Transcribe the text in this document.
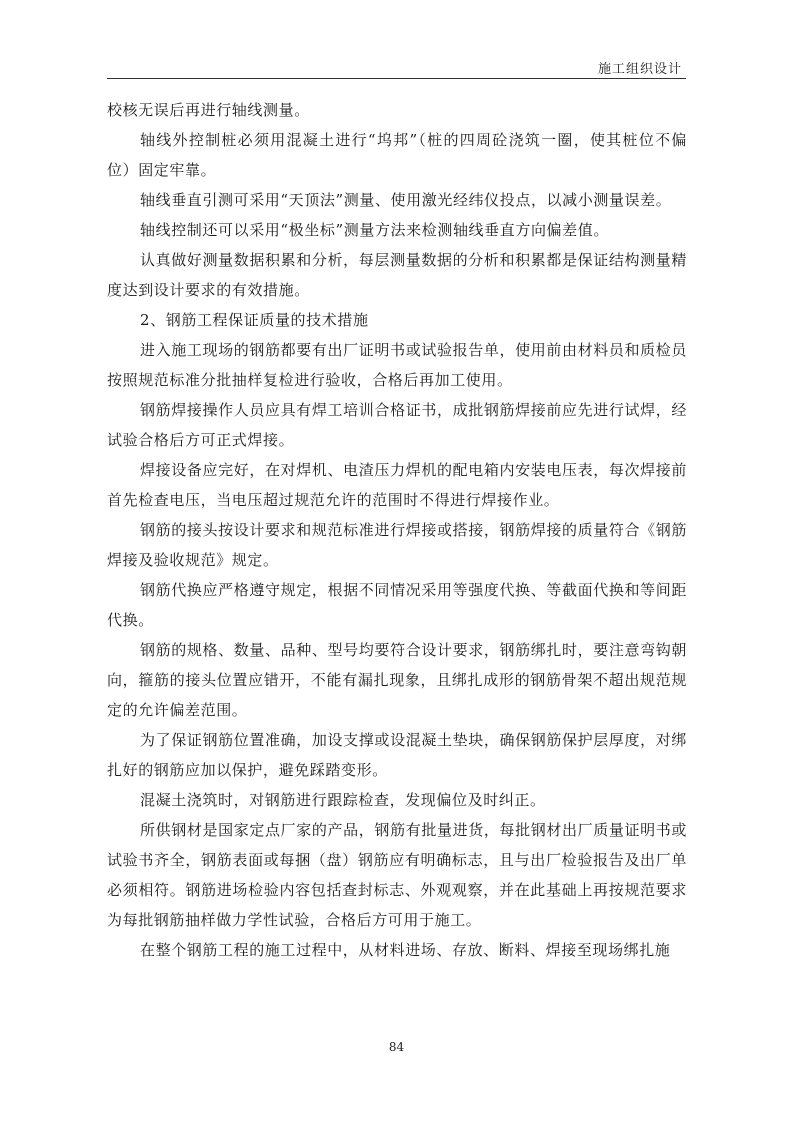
施工组织设计

校核无误后再进行轴线测量。

轴线外控制桩必须用混凝土进行“坞邦”（桩的四周砼浇筑一圈，使其桩位不偏位）固定牢靠。

轴线垂直引测可采用“天顶法”测量、使用激光经纬仪投点，以减小测量误差。

轴线控制还可以采用“极坐标”测量方法来检测轴线垂直方向偏差值。

认真做好测量数据积累和分析，每层测量数据的分析和积累都是保证结构测量精度达到设计要求的有效措施。

2、钢筋工程保证质量的技术措施

进入施工现场的钢筋都要有出厂证明书或试验报告单，使用前由材料员和质检员按照规范标准分批抽样复检进行验收，合格后再加工使用。

钢筋焊接操作人员应具有焊工培训合格证书，成批钢筋焊接前应先进行试焊，经试验合格后方可正式焊接。

焊接设备应完好，在对焊机、电渣压力焊机的配电箱内安装电压表，每次焊接前首先检查电压，当电压超过规范允许的范围时不得进行焊接作业。

钢筋的接头按设计要求和规范标准进行焊接或搭接，钢筋焊接的质量符合《钢筋焊接及验收规范》规定。

钢筋代换应严格遵守规定，根据不同情况采用等强度代换、等截面代换和等间距代换。

钢筋的规格、数量、品种、型号均要符合设计要求，钢筋绑扎时，要注意弯钩朝向，箍筋的接头位置应错开，不能有漏扎现象，且绑扎成形的钢筋骨架不超出规范规定的允许偏差范围。

为了保证钢筋位置准确，加设支撑或设混凝土垫块，确保钢筋保护层厚度，对绑扎好的钢筋应加以保护，避免踩踏变形。

混凝土浇筑时，对钢筋进行跟踪检查，发现偏位及时纠正。

所供钢材是国家定点厂家的产品，钢筋有批量进货，每批钢材出厂质量证明书或试验书齐全，钢筋表面或每捆（盘）钢筋应有明确标志，且与出厂检验报告及出厂单必须相符。钢筋进场检验内容包括查封标志、外观观察，并在此基础上再按规范要求为每批钢筋抽样做力学性试验，合格后方可用于施工。

在整个钢筋工程的施工过程中，从材料进场、存放、断料、焊接至现场绑扎施

84
